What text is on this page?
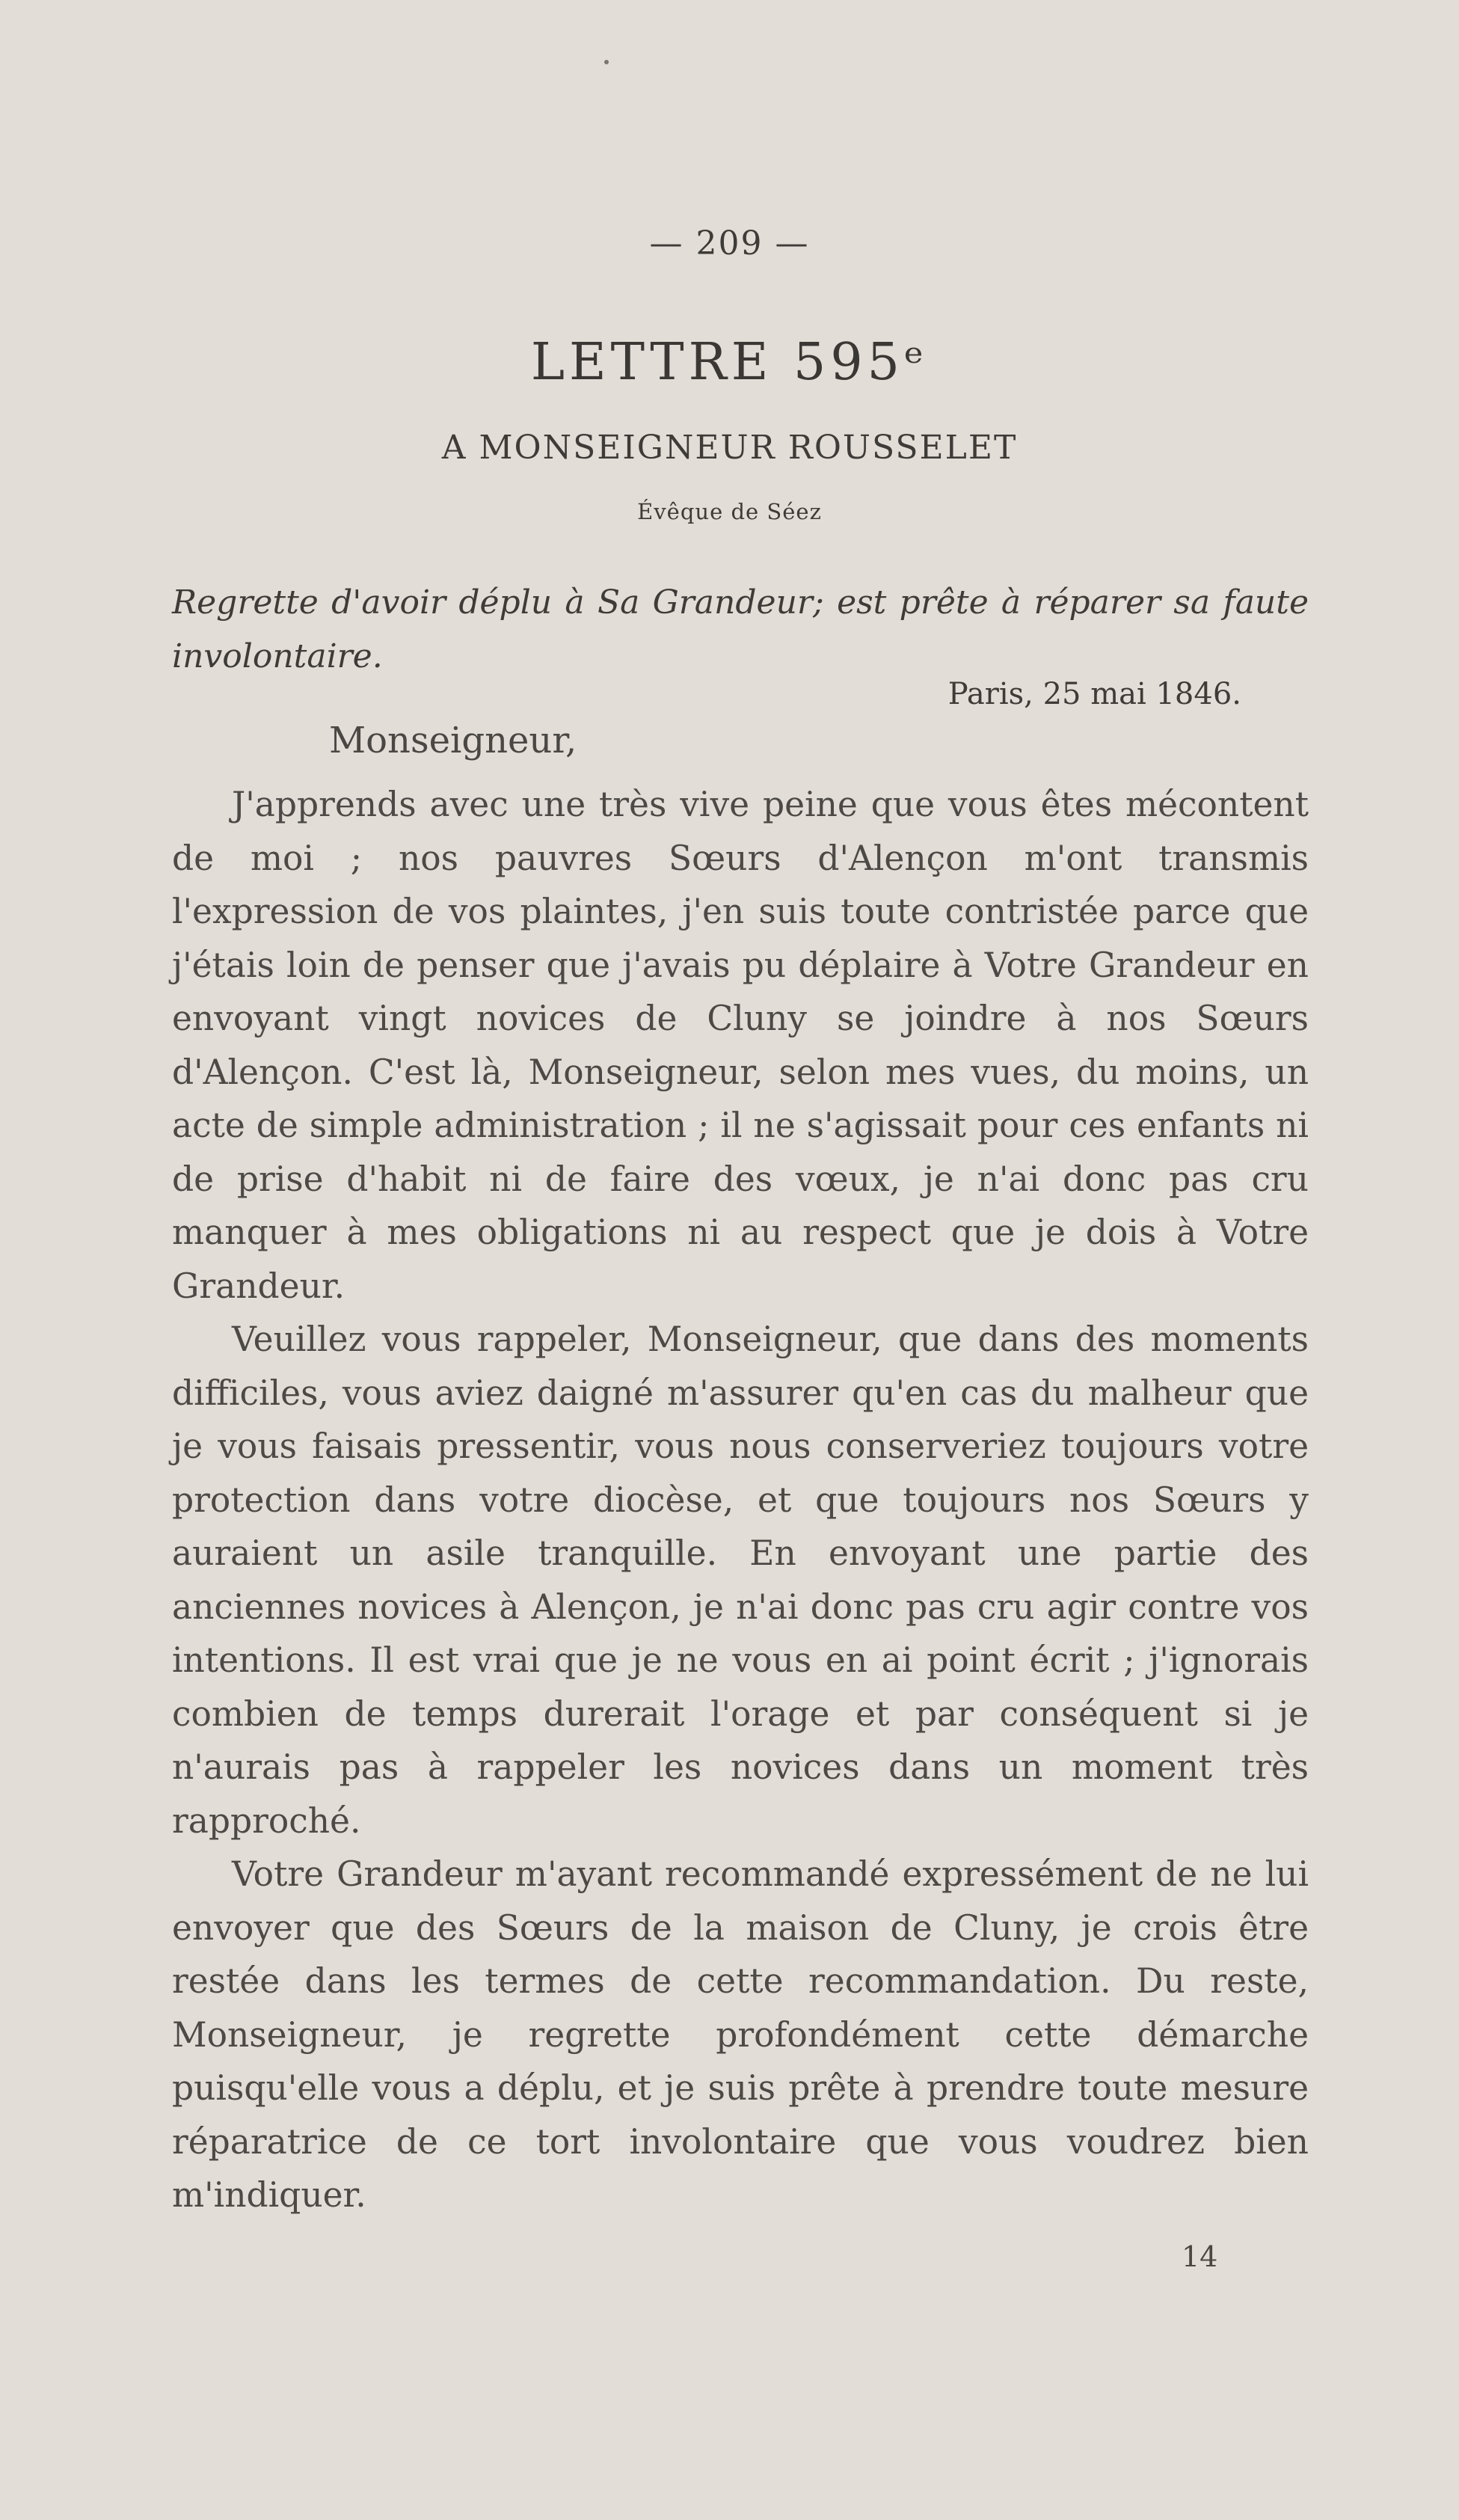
— 209 —
LETTRE 595ᵉ
A MONSEIGNEUR ROUSSELET
Évêque de Séez
Regrette d'avoir déplu à Sa Grandeur; est prête à réparer sa faute involontaire.
Paris, 25 mai 1846.
Monseigneur,

J'apprends avec une très vive peine que vous êtes mécontent de moi ; nos pauvres Sœurs d'Alençon m'ont transmis l'expression de vos plaintes, j'en suis toute contristée parce que j'étais loin de penser que j'avais pu déplaire à Votre Grandeur en envoyant vingt novices de Cluny se joindre à nos Sœurs d'Alençon. C'est là, Monseigneur, selon mes vues, du moins, un acte de simple administration ; il ne s'agissait pour ces enfants ni de prise d'habit ni de faire des vœux, je n'ai donc pas cru manquer à mes obligations ni au respect que je dois à Votre Grandeur.

Veuillez vous rappeler, Monseigneur, que dans des moments difficiles, vous aviez daigné m'assurer qu'en cas du malheur que je vous faisais pressentir, vous nous conserveriez toujours votre protection dans votre diocèse, et que toujours nos Sœurs y auraient un asile tranquille. En envoyant une partie des anciennes novices à Alençon, je n'ai donc pas cru agir contre vos intentions. Il est vrai que je ne vous en ai point écrit ; j'ignorais combien de temps durerait l'orage et par conséquent si je n'aurais pas à rappeler les novices dans un moment très rapproché.

Votre Grandeur m'ayant recommandé expressément de ne lui envoyer que des Sœurs de la maison de Cluny, je crois être restée dans les termes de cette recommandation. Du reste, Monseigneur, je regrette profondément cette démarche puisqu'elle vous a déplu, et je suis prête à prendre toute mesure réparatrice de ce tort involontaire que vous voudrez bien m'indiquer.

14
